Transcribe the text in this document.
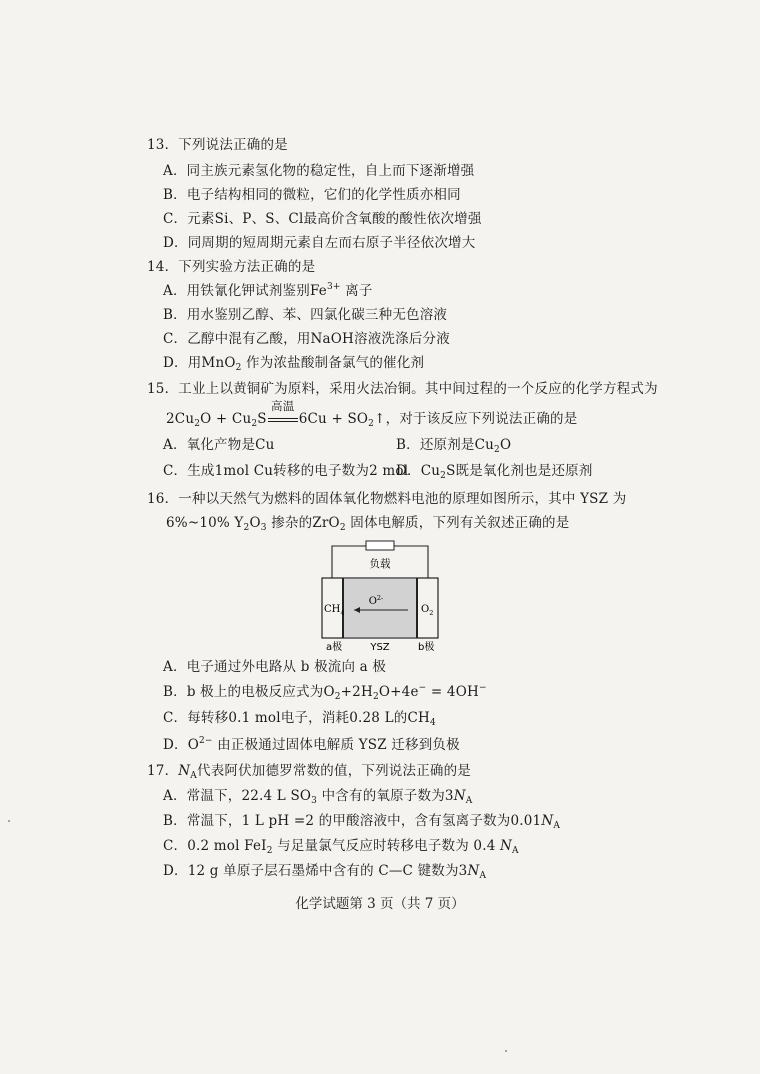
13．下列说法正确的是
A．同主族元素氢化物的稳定性，自上而下逐渐增强
B．电子结构相同的微粒，它们的化学性质亦相同
C．元素Si、P、S、Cl最高价含氧酸的酸性依次增强
D．同周期的短周期元素自左而右原子半径依次增大
14．下列实验方法正确的是
A．用铁氰化钾试剂鉴别$Fe^{3+}$ 离子
B．用水鉴别乙醇、苯、四氯化碳三种无色溶液
C．乙醇中混有乙酸，用NaOH溶液洗涤后分液
D．用MnO$_2$ 作为浓盐酸制备氯气的催化剂
15．工业上以黄铜矿为原料，采用火法冶铜。其中间过程的一个反应的化学方程式为
$2Cu_2O + Cu_2S$
高温
$6Cu + SO_2↑$，对于该反应下列说法正确的是
A．氧化产物是Cu	B．还原剂是$Cu_2O$
C．生成1mol Cu转移的电子数为2 mol
D．$Cu_2S$既是氧化剂也是还原剂
16．一种以天然气为燃料的固体氧化物燃料电池的原理如图所示，其中 YSZ 为
6%~10% $Y_2O_3$ 掺杂的ZrO$_2$ 固体电解质，下列有关叙述正确的是
负载
$O^{2-}$
$CH_4$	$O_2$
a极	YSZ	b极
A．电子通过外电路从 b 极流向 a 极
B．b 极上的电极反应式为$O_2+2H_2O+4e^- = 4OH^-$
C．每转移0.1 mol电子，消耗0.28 L的$CH_4$
D．$O^{2-}$ 由正极通过固体电解质 YSZ 迁移到负极
17．$N_A$代表阿伏加德罗常数的值，下列说法正确的是
A．常温下，22.4 L $SO_3$ 中含有的氧原子数为$3N_A$
B．常温下，1 L pH =2 的甲酸溶液中，含有氢离子数为$0.01N_A$
C．0.2 mol FeI$_2$ 与足量氯气反应时转移电子数为 0.4 $N_A$
D．12 g 单原子层石墨烯中含有的 C—C 键数为$3N_A$
化学试题第 3 页（共 7 页）
